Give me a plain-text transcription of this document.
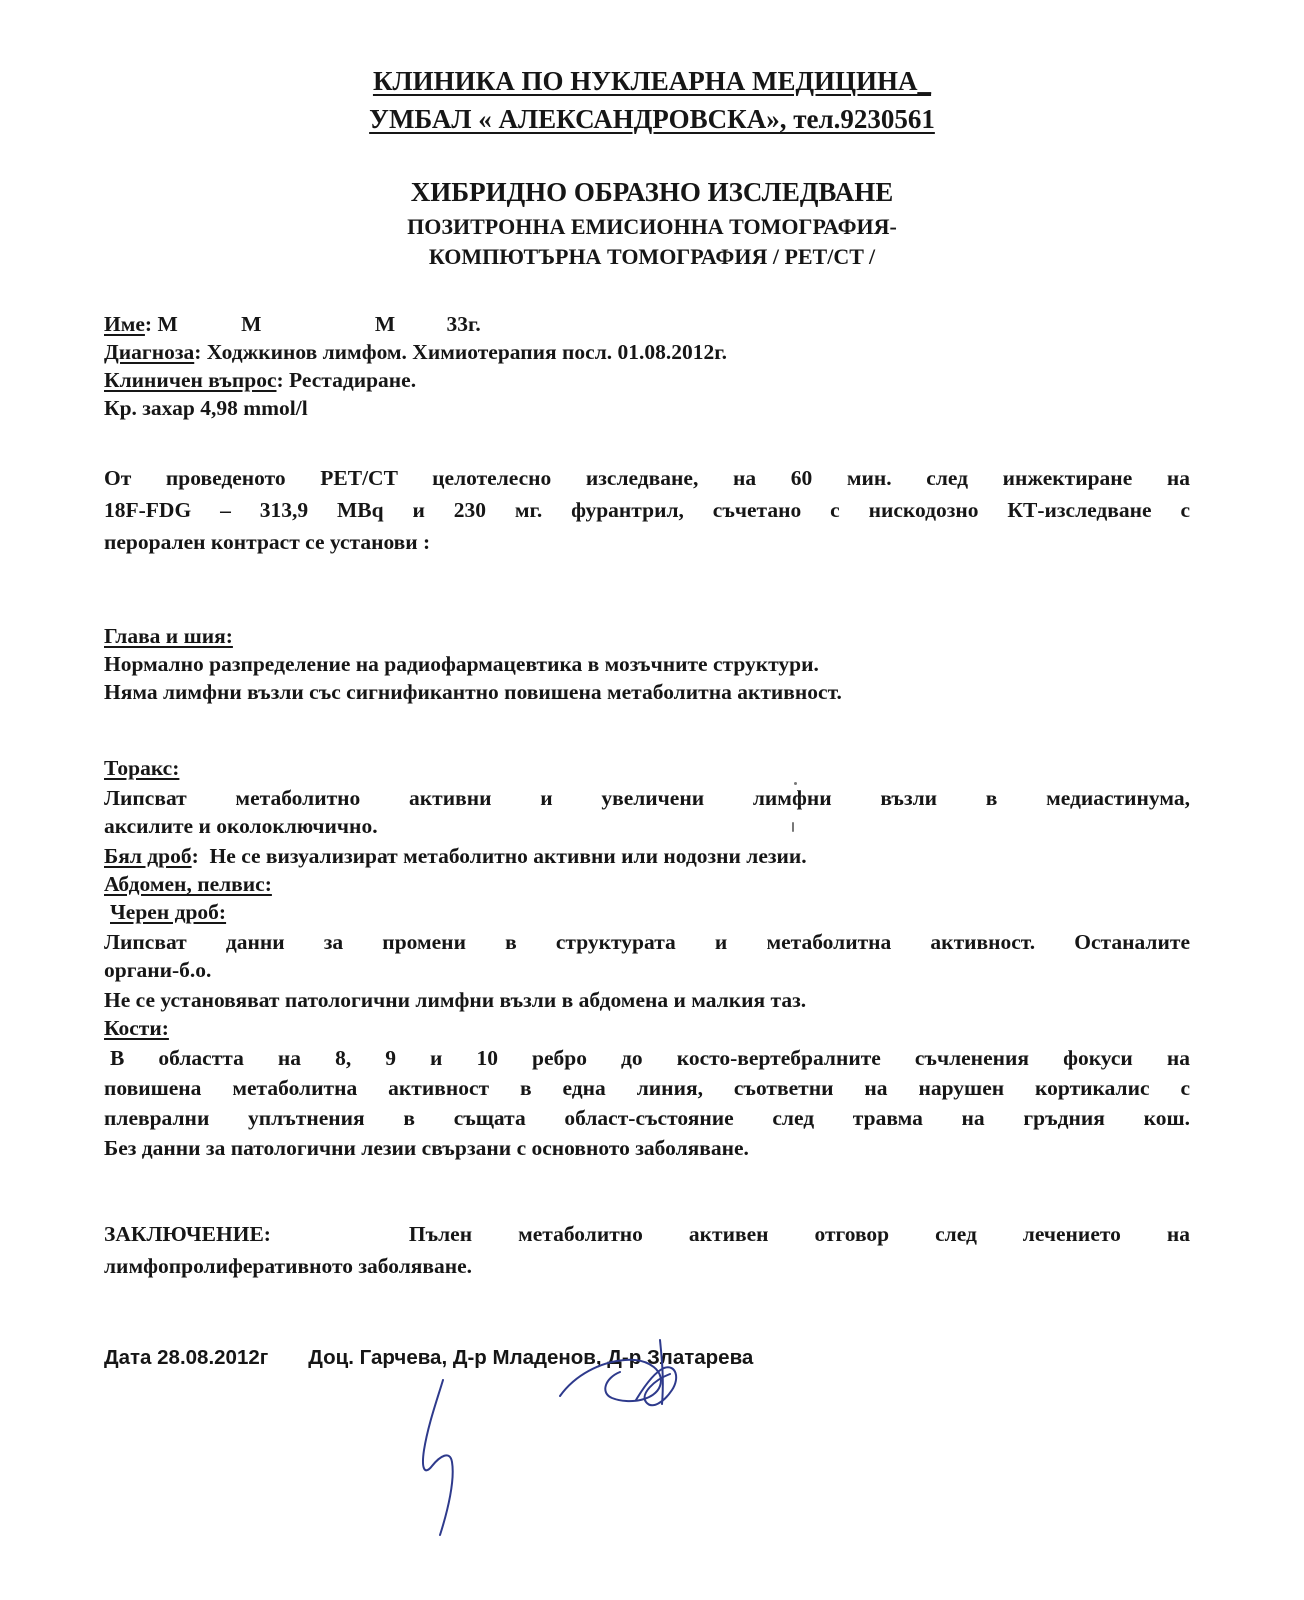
КЛИНИКА ПО НУКЛЕАРНА МЕДИЦИНА_
УМБАЛ « АЛЕКСАНДРОВСКА», тел.9230561
ХИБРИДНО ОБРАЗНО ИЗСЛЕДВАНЕ
ПОЗИТРОННА ЕМИСИОННА ТОМОГРАФИЯ-
КОМПЮТЪРНА ТОМОГРАФИЯ / PET/CT /
Име: М	М	М 33г.
Диагноза: Ходжкинов лимфом. Химиотерапия посл. 01.08.2012г.
Клиничен въпрос: Рестадиране.
Кр. захар 4,98 mmol/l
От проведеното PET/CT целотелесно изследване, на 60 мин. след инжектиране на
18F-FDG – 313,9 MBq и 230 мг. фурантрил, съчетано с нискодозно КТ-изследване с
перорален контраст се установи :
Глава и шия:
Нормално разпределение на радиофармацевтика в мозъчните структури.
Няма лимфни възли със сигнификантно повишена метаболитна активност.
Торакс:
Липсват метаболитно активни и увеличени лимфни възли в медиастинума,
аксилите и околоключично.
Бял дроб:  Не се визуализират метаболитно активни или нодозни лезии.
Абдомен, пелвис:
Черен дроб:
Липсват данни за промени в структурата и метаболитна активност. Останалите
органи-б.о.
Не се установяват патологични лимфни възли в абдомена и малкия таз.
Кости:
В областта на 8, 9 и 10 ребро до косто-вертебралните съчленения фокуси на
повишена метаболитна активност в една линия, съответни на нарушен кортикалис с
плеврални уплътнения в същата област-състояние след травма на гръдния кош.
Без данни за патологични лезии свързани с основното заболяване.
ЗАКЛЮЧЕНИЕ:	Пълен метаболитно активен отговор след лечението на
лимфопролиферативното заболяване.
Дата 28.08.2012г Доц. Гарчева, Д-р Младенов, Д-р Златарева
